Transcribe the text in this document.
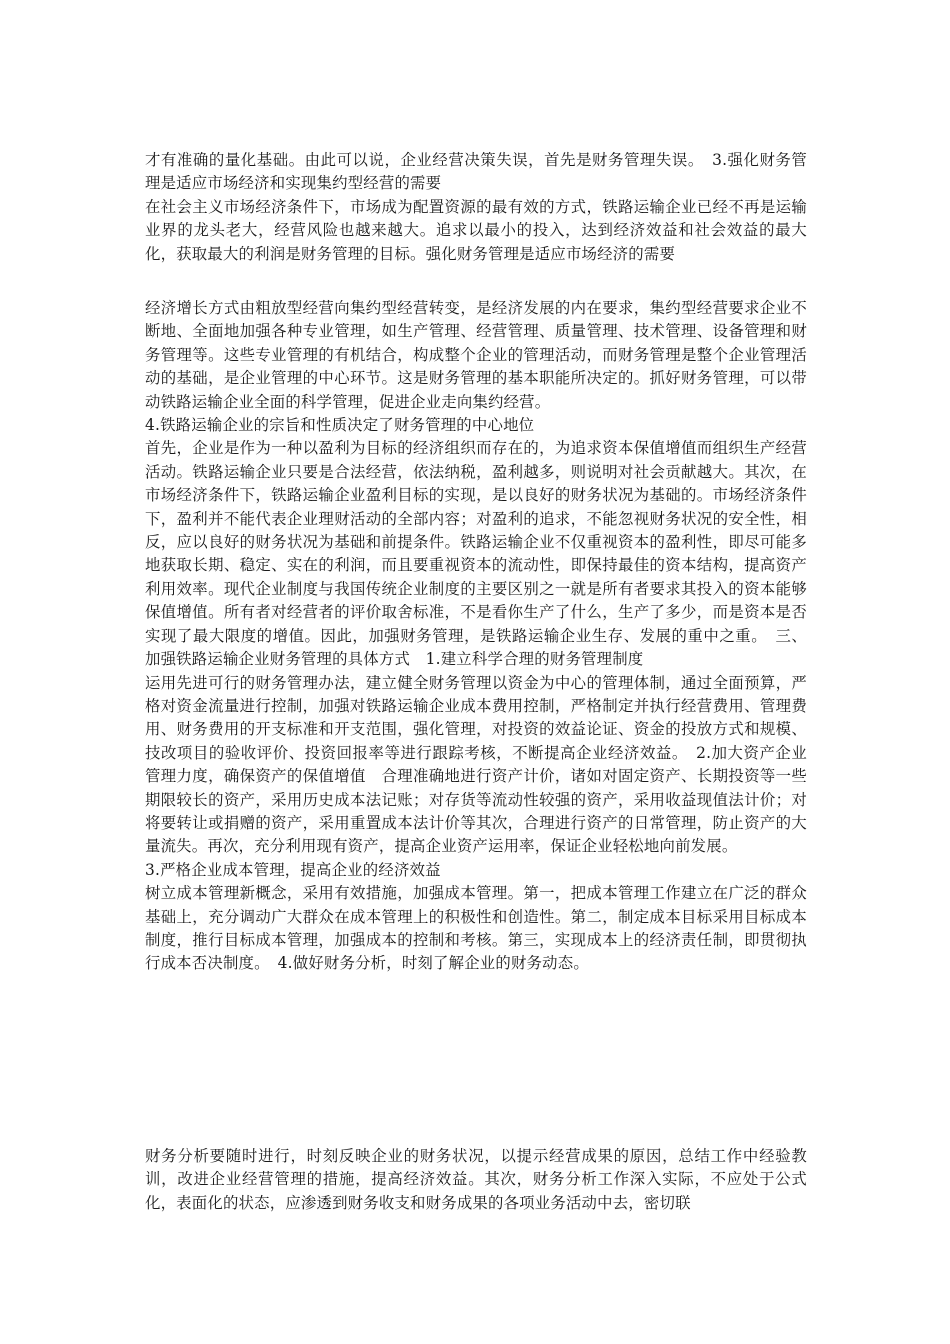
才有准确的量化基础。由此可以说，企业经营决策失误，首先是财务管理失误。　3.强化财务管理是适应市场经济和实现集约型经营的需要

在社会主义市场经济条件下，市场成为配置资源的最有效的方式，铁路运输企业已经不再是运输业界的龙头老大，经营风险也越来越大。追求以最小的投入，达到经济效益和社会效益的最大化，获取最大的利润是财务管理的目标。强化财务管理是适应市场经济的需要

经济增长方式由粗放型经营向集约型经营转变，是经济发展的内在要求，集约型经营要求企业不断地、全面地加强各种专业管理，如生产管理、经营管理、质量管理、技术管理、设备管理和财务管理等。这些专业管理的有机结合，构成整个企业的管理活动，而财务管理是整个企业管理活动的基础，是企业管理的中心环节。这是财务管理的基本职能所决定的。抓好财务管理，可以带动铁路运输企业全面的科学管理，促进企业走向集约经营。

4.铁路运输企业的宗旨和性质决定了财务管理的中心地位

首先，企业是作为一种以盈利为目标的经济组织而存在的，为追求资本保值增值而组织生产经营活动。铁路运输企业只要是合法经营，依法纳税，盈利越多，则说明对社会贡献越大。其次，在市场经济条件下，铁路运输企业盈利目标的实现，是以良好的财务状况为基础的。市场经济条件下，盈利并不能代表企业理财活动的全部内容；对盈利的追求，不能忽视财务状况的安全性，相反，应以良好的财务状况为基础和前提条件。铁路运输企业不仅重视资本的盈利性，即尽可能多地获取长期、稳定、实在的利润，而且要重视资本的流动性，即保持最佳的资本结构，提高资产利用效率。现代企业制度与我国传统企业制度的主要区别之一就是所有者要求其投入的资本能够保值增值。所有者对经营者的评价取舍标准，不是看你生产了什么，生产了多少，而是资本是否实现了最大限度的增值。因此，加强财务管理，是铁路运输企业生存、发展的重中之重。　三、加强铁路运输企业财务管理的具体方式　1.建立科学合理的财务管理制度

运用先进可行的财务管理办法，建立健全财务管理以资金为中心的管理体制，通过全面预算，严格对资金流量进行控制，加强对铁路运输企业成本费用控制，严格制定并执行经营费用、管理费用、财务费用的开支标准和开支范围，强化管理，对投资的效益论证、资金的投放方式和规模、技改项目的验收评价、投资回报率等进行跟踪考核，不断提高企业经济效益。　2.加大资产企业管理力度，确保资产的保值增值　合理准确地进行资产计价，诸如对固定资产、长期投资等一些期限较长的资产，采用历史成本法记账；对存货等流动性较强的资产，采用收益现值法计价；对将要转让或捐赠的资产，采用重置成本法计价等其次，合理进行资产的日常管理，防止资产的大量流失。再次，充分利用现有资产，提高企业资产运用率，保证企业轻松地向前发展。

3.严格企业成本管理，提高企业的经济效益

树立成本管理新概念，采用有效措施，加强成本管理。第一，把成本管理工作建立在广泛的群众基础上，充分调动广大群众在成本管理上的积极性和创造性。第二，制定成本目标采用目标成本制度，推行目标成本管理，加强成本的控制和考核。第三，实现成本上的经济责任制，即贯彻执行成本否决制度。　4.做好财务分析，时刻了解企业的财务动态。

财务分析要随时进行，时刻反映企业的财务状况，以提示经营成果的原因，总结工作中经验教训，改进企业经营管理的措施，提高经济效益。其次，财务分析工作深入实际，不应处于公式化，表面化的状态，应渗透到财务收支和财务成果的各项业务活动中去，密切联
